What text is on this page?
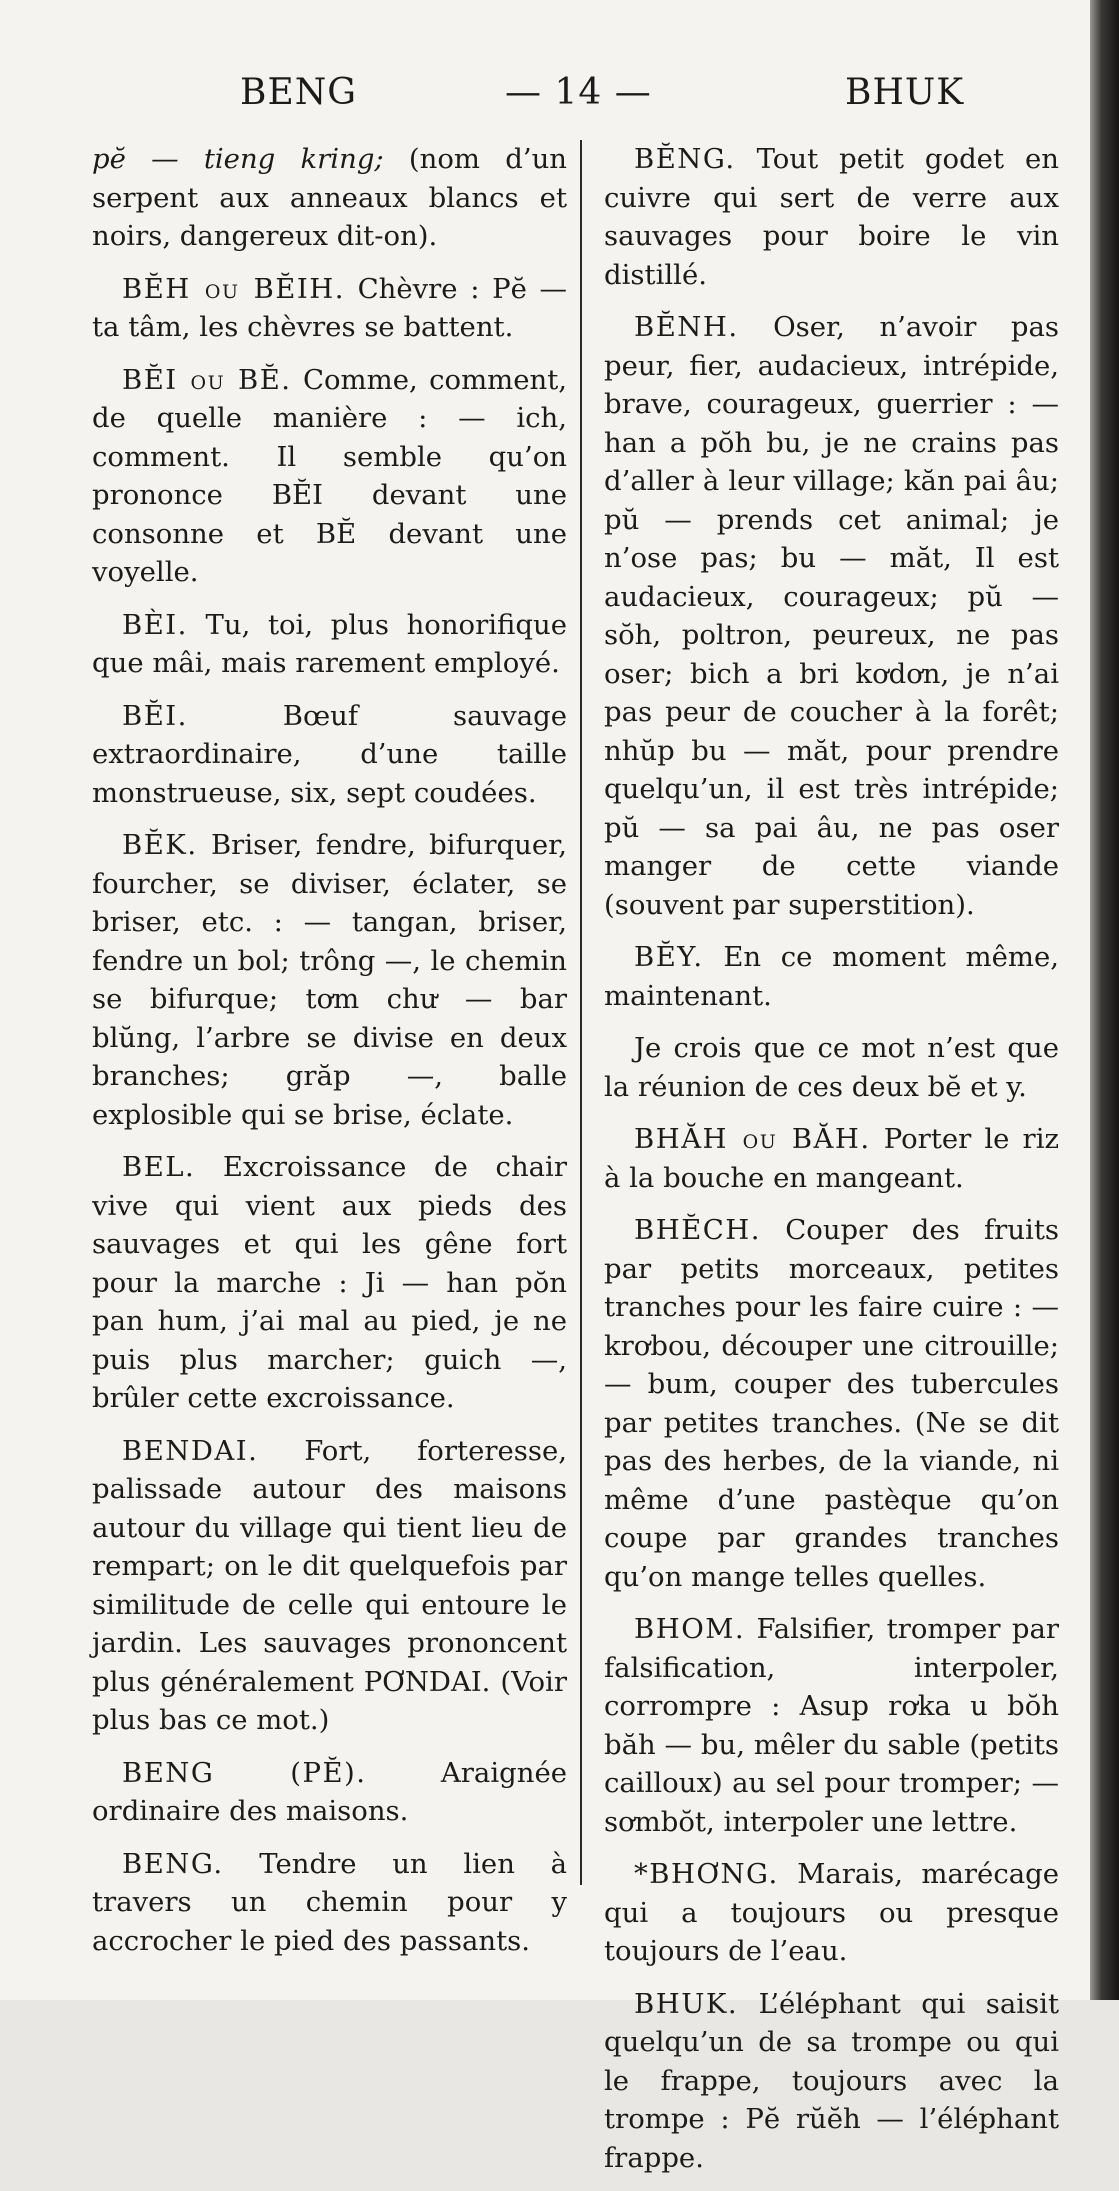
BENG	— 14 —	BHUK

pĕ — tieng kring; (nom d’un serpent aux anneaux blancs et noirs, dangereux dit-on).

BĔH ou BĔIH. Chèvre : Pĕ — ta tâm, les chèvres se battent.

BĔI ou BĔ. Comme, comment, de quelle manière : — ich, comment. Il semble qu’on prononce BĔI devant une consonne et BĔ devant une voyelle.

BÈI. Tu, toi, plus honorifique que mâi, mais rarement employé.

BĔI. Bœuf sauvage extraordinaire, d’une taille monstrueuse, six, sept coudées.

BĔK. Briser, fendre, bifurquer, fourcher, se diviser, éclater, se briser, etc. : — tangan, briser, fendre un bol; trông —, le chemin se bifurque; tơm chư — bar blŭng, l’arbre se divise en deux branches; grăp —, balle explosible qui se brise, éclate.

BEL. Excroissance de chair vive qui vient aux pieds des sauvages et qui les gêne fort pour la marche : Ji — han pŏn pan hum, j’ai mal au pied, je ne puis plus marcher; guich —, brûler cette excroissance.

BENDAI. Fort, forteresse, palissade autour des maisons autour du village qui tient lieu de rempart; on le dit quelquefois par similitude de celle qui entoure le jardin. Les sauvages prononcent plus généralement PƠNDAI. (Voir plus bas ce mot.)

BENG (PĔ). Araignée ordinaire des maisons.

BENG. Tendre un lien à travers un chemin pour y accrocher le pied des passants.

BĔNG. Tout petit godet en cuivre qui sert de verre aux sauvages pour boire le vin distillé.

BĔNH. Oser, n’avoir pas peur, fier, audacieux, intrépide, brave, courageux, guerrier : — han a pŏh bu, je ne crains pas d’aller à leur village; kăn pai âu; pŭ — prends cet animal; je n’ose pas; bu — măt, Il est audacieux, courageux; pŭ — sŏh, poltron, peureux, ne pas oser; bich a bri kơdơn, je n’ai pas peur de coucher à la forêt; nhŭp bu — măt, pour prendre quelqu’un, il est très intrépide; pŭ — sa pai âu, ne pas oser manger de cette viande (souvent par superstition).

BĔY. En ce moment même, maintenant.

Je crois que ce mot n’est que la réunion de ces deux bĕ et y.

BHĂH ou BĂH. Porter le riz à la bouche en mangeant.

BHĔCH. Couper des fruits par petits morceaux, petites tranches pour les faire cuire : — krơbou, découper une citrouille; — bum, couper des tubercules par petites tranches. (Ne se dit pas des herbes, de la viande, ni même d’une pastèque qu’on coupe par grandes tranches qu’on mange telles quelles.

BHOM. Falsifier, tromper par falsification, interpoler, corrompre : Asup rơka u bŏh băh — bu, mêler du sable (petits cailloux) au sel pour tromper; — sơmbŏt, interpoler une lettre.

*BHƠNG. Marais, marécage qui a toujours ou presque toujours de l’eau.

BHUK. L’éléphant qui saisit quelqu’un de sa trompe ou qui le frappe, toujours avec la trompe : Pĕ rŭĕh — l’éléphant frappe.
